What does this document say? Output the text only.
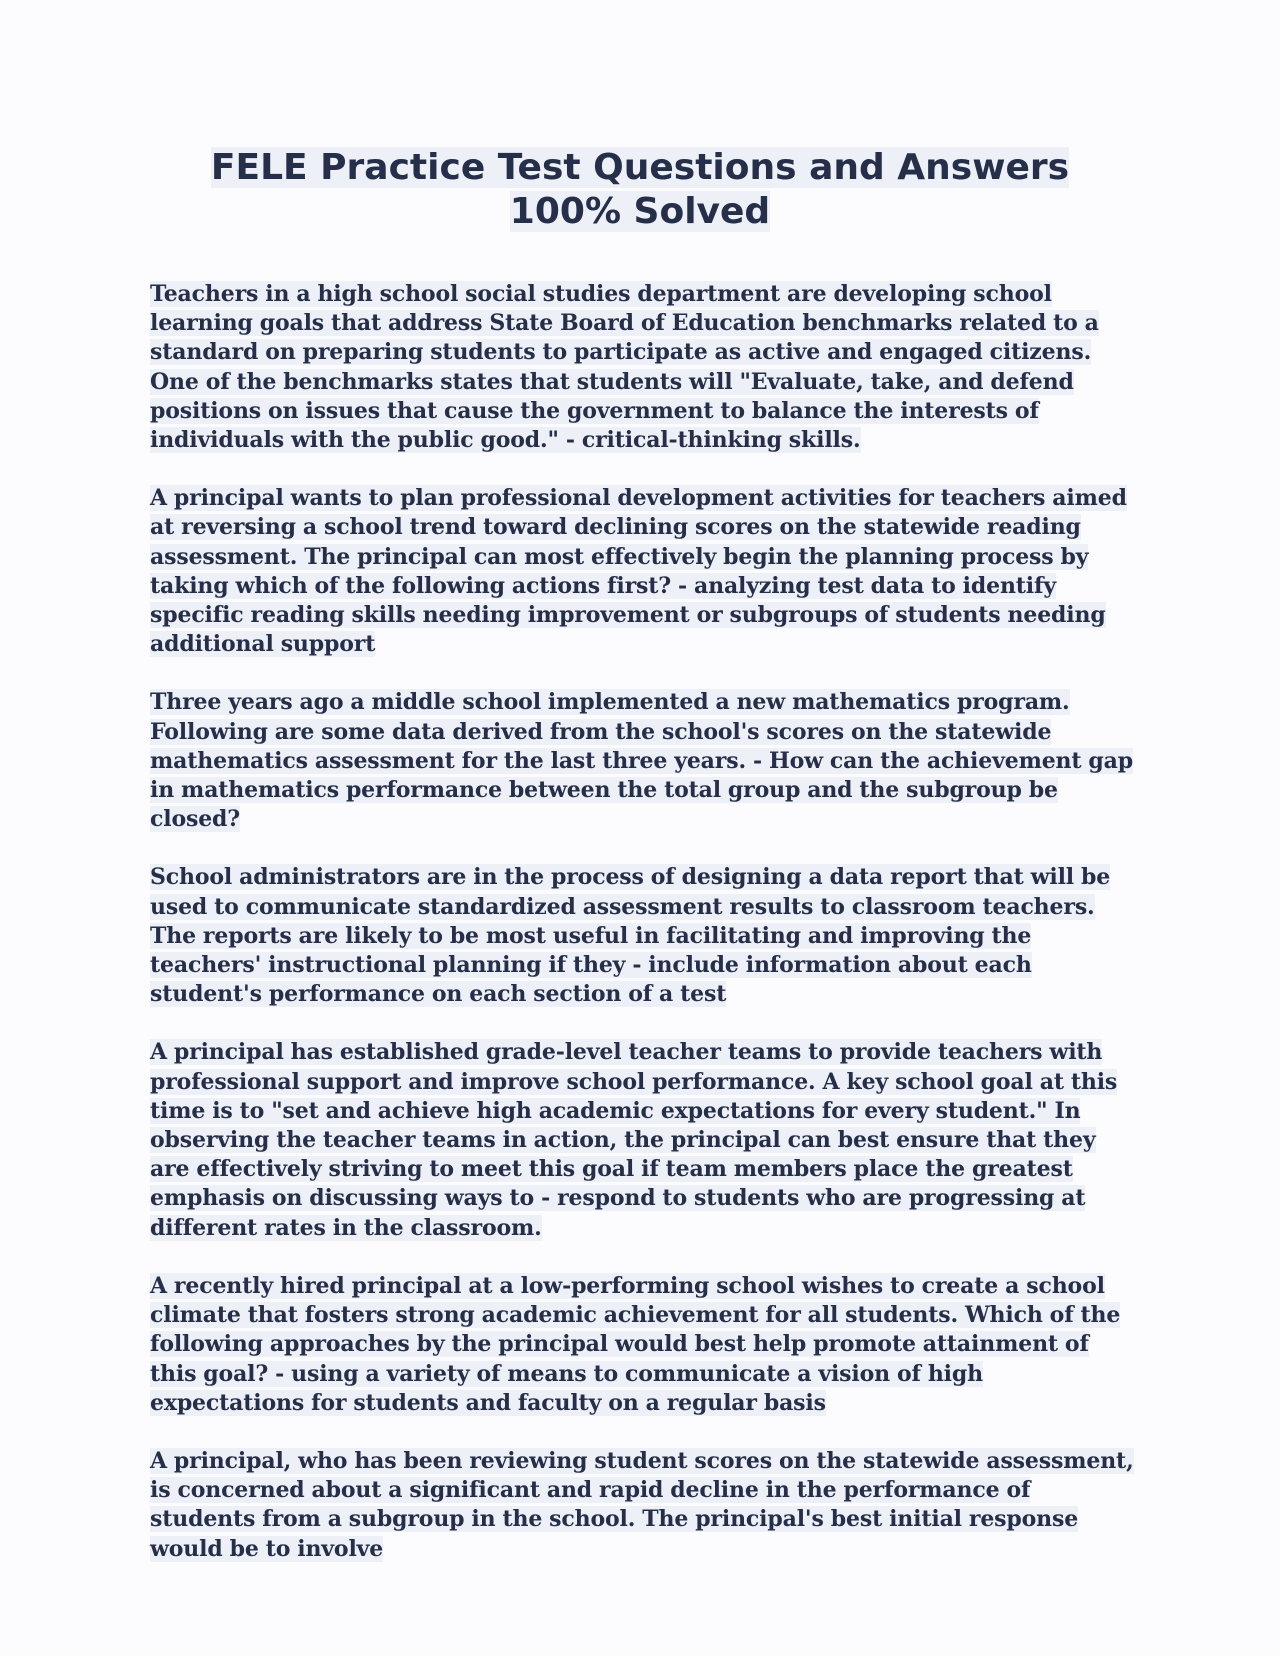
FELE Practice Test Questions and Answers
100% Solved

Teachers in a high school social studies department are developing school learning goals that address State Board of Education benchmarks related to a standard on preparing students to participate as active and engaged citizens. One of the benchmarks states that students will "Evaluate, take, and defend positions on issues that cause the government to balance the interests of individuals with the public good." - critical-thinking skills.

A principal wants to plan professional development activities for teachers aimed at reversing a school trend toward declining scores on the statewide reading assessment. The principal can most effectively begin the planning process by taking which of the following actions first? - analyzing test data to identify specific reading skills needing improvement or subgroups of students needing additional support

Three years ago a middle school implemented a new mathematics program. Following are some data derived from the school's scores on the statewide mathematics assessment for the last three years. - How can the achievement gap in mathematics performance between the total group and the subgroup be closed?

School administrators are in the process of designing a data report that will be used to communicate standardized assessment results to classroom teachers. The reports are likely to be most useful in facilitating and improving the teachers' instructional planning if they - include information about each student's performance on each section of a test

A principal has established grade-level teacher teams to provide teachers with professional support and improve school performance. A key school goal at this time is to "set and achieve high academic expectations for every student." In observing the teacher teams in action, the principal can best ensure that they are effectively striving to meet this goal if team members place the greatest emphasis on discussing ways to - respond to students who are progressing at different rates in the classroom.

A recently hired principal at a low-performing school wishes to create a school climate that fosters strong academic achievement for all students. Which of the following approaches by the principal would best help promote attainment of this goal? - using a variety of means to communicate a vision of high expectations for students and faculty on a regular basis

A principal, who has been reviewing student scores on the statewide assessment, is concerned about a significant and rapid decline in the performance of students from a subgroup in the school. The principal's best initial response would be to involve
